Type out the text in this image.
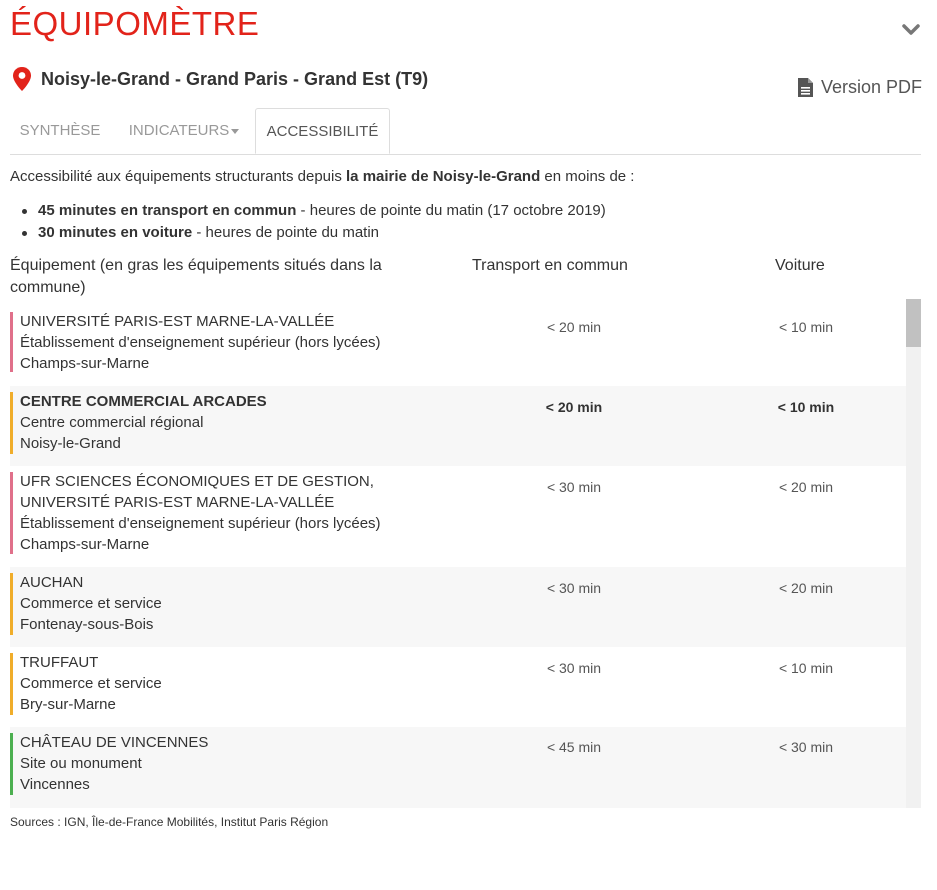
ÉQUIPOMÈTRE
Noisy-le-Grand - Grand Paris - Grand Est (T9)	Version PDF
SYNTHÈSE	INDICATEURS	ACCESSIBILITÉ
Accessibilité aux équipements structurants depuis la mairie de Noisy-le-Grand en moins de :
45 minutes en transport en commun - heures de pointe du matin (17 octobre 2019)
30 minutes en voiture - heures de pointe du matin
Équipement (en gras les équipements situés dans la commune)
Transport en commun	Voiture
UNIVERSITÉ PARIS-EST MARNE-LA-VALLÉE
Établissement d'enseignement supérieur (hors lycées)
Champs-sur-Marne
< 20 min	< 10 min
CENTRE COMMERCIAL ARCADES
Centre commercial régional
Noisy-le-Grand
< 20 min	< 10 min
UFR SCIENCES ÉCONOMIQUES ET DE GESTION, UNIVERSITÉ PARIS-EST MARNE-LA-VALLÉE
Établissement d'enseignement supérieur (hors lycées)
Champs-sur-Marne
< 30 min	< 20 min
AUCHAN
Commerce et service
Fontenay-sous-Bois
< 30 min	< 20 min
TRUFFAUT
Commerce et service
Bry-sur-Marne
< 30 min	< 10 min
CHÂTEAU DE VINCENNES
Site ou monument
Vincennes
< 45 min	< 30 min
Sources : IGN, Île-de-France Mobilités, Institut Paris Région
